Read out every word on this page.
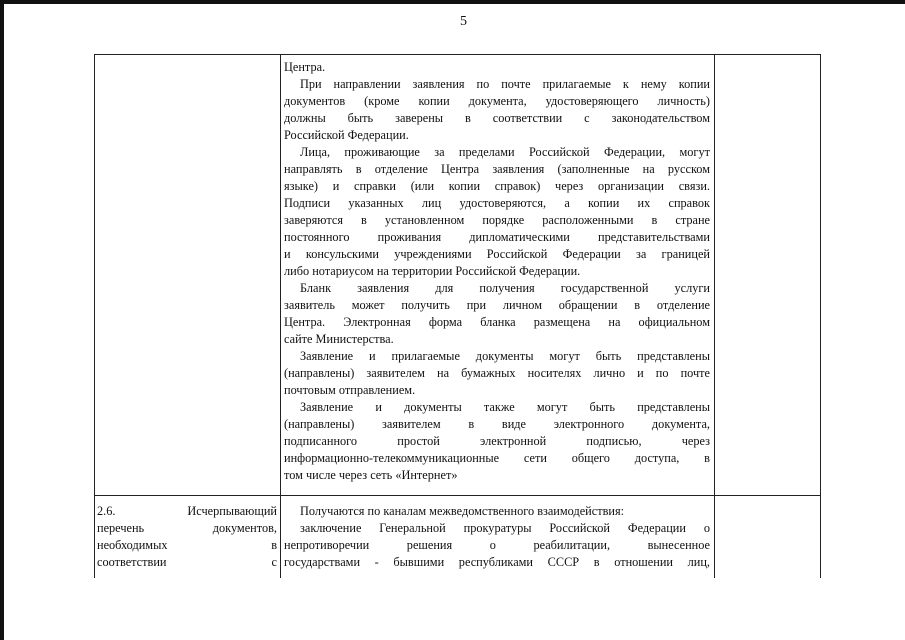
5
Центра.
При направлении заявления по почте прилагаемые к нему копии
документов (кроме копии документа, удостоверяющего личность)
должны быть заверены в соответствии с законодательством
Российской Федерации.
Лица, проживающие за пределами Российской Федерации, могут
направлять в отделение Центра заявления (заполненные на русском
языке) и справки (или копии справок) через организации связи.
Подписи указанных лиц удостоверяются, а копии их справок
заверяются в установленном порядке расположенными в стране
постоянного проживания дипломатическими представительствами
и консульскими учреждениями Российской Федерации за границей
либо нотариусом на территории Российской Федерации.
Бланк заявления для получения государственной услуги
заявитель может получить при личном обращении в отделение
Центра. Электронная форма бланка размещена на официальном
сайте Министерства.
Заявление и прилагаемые документы могут быть представлены
(направлены) заявителем на бумажных носителях лично и по почте
почтовым отправлением.
Заявление и документы также могут быть представлены
(направлены) заявителем в виде электронного документа,
подписанного простой электронной подписью, через
информационно-телекоммуникационные сети общего доступа, в
том числе через сеть «Интернет»
2.6. Исчерпывающий
перечень документов,
необходимых в
соответствии с
Получаются по каналам межведомственного взаимодействия:
заключение Генеральной прокуратуры Российской Федерации о
непротиворечии решения о реабилитации, вынесенное
государствами - бывшими республиками СССР в отношении лиц,
